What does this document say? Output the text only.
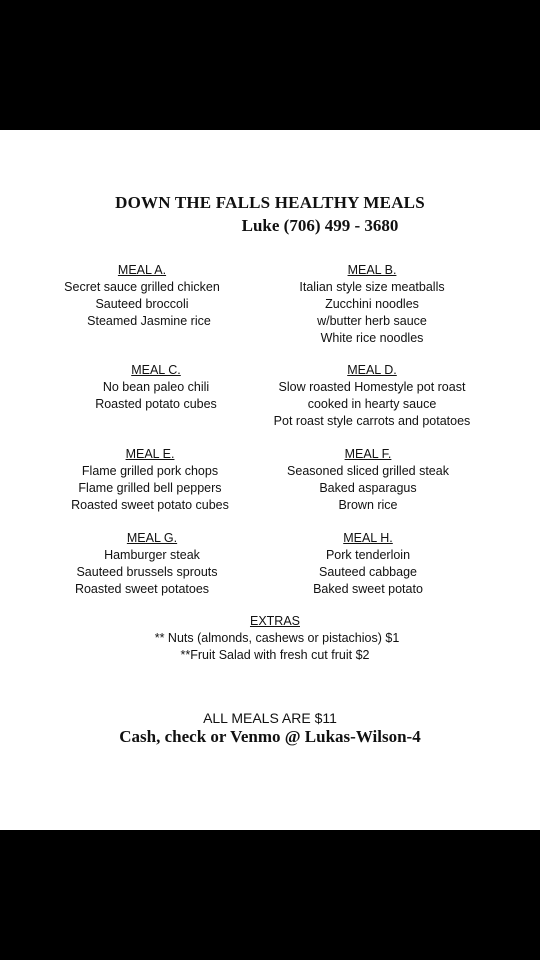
DOWN THE FALLS HEALTHY MEALS
Luke (706) 499 - 3680
MEAL A.
Secret sauce grilled chicken
Sauteed broccoli
Steamed Jasmine rice
MEAL B.
Italian style size meatballs
Zucchini noodles
w/butter herb sauce
White rice noodles
MEAL C.
No bean paleo chili
Roasted potato cubes
MEAL D.
Slow roasted Homestyle pot roast
cooked in hearty sauce
Pot roast style carrots and potatoes
MEAL E.
Flame grilled pork chops
Flame grilled bell peppers
Roasted sweet potato cubes
MEAL F.
Seasoned sliced grilled steak
Baked asparagus
Brown rice
MEAL G.
Hamburger steak
Sauteed brussels sprouts
Roasted sweet potatoes
MEAL H.
Pork tenderloin
Sauteed cabbage
Baked sweet potato
EXTRAS
** Nuts (almonds, cashews or pistachios) $1
**Fruit Salad with fresh cut fruit $2
ALL MEALS ARE $11
Cash, check or Venmo @ Lukas-Wilson-4
